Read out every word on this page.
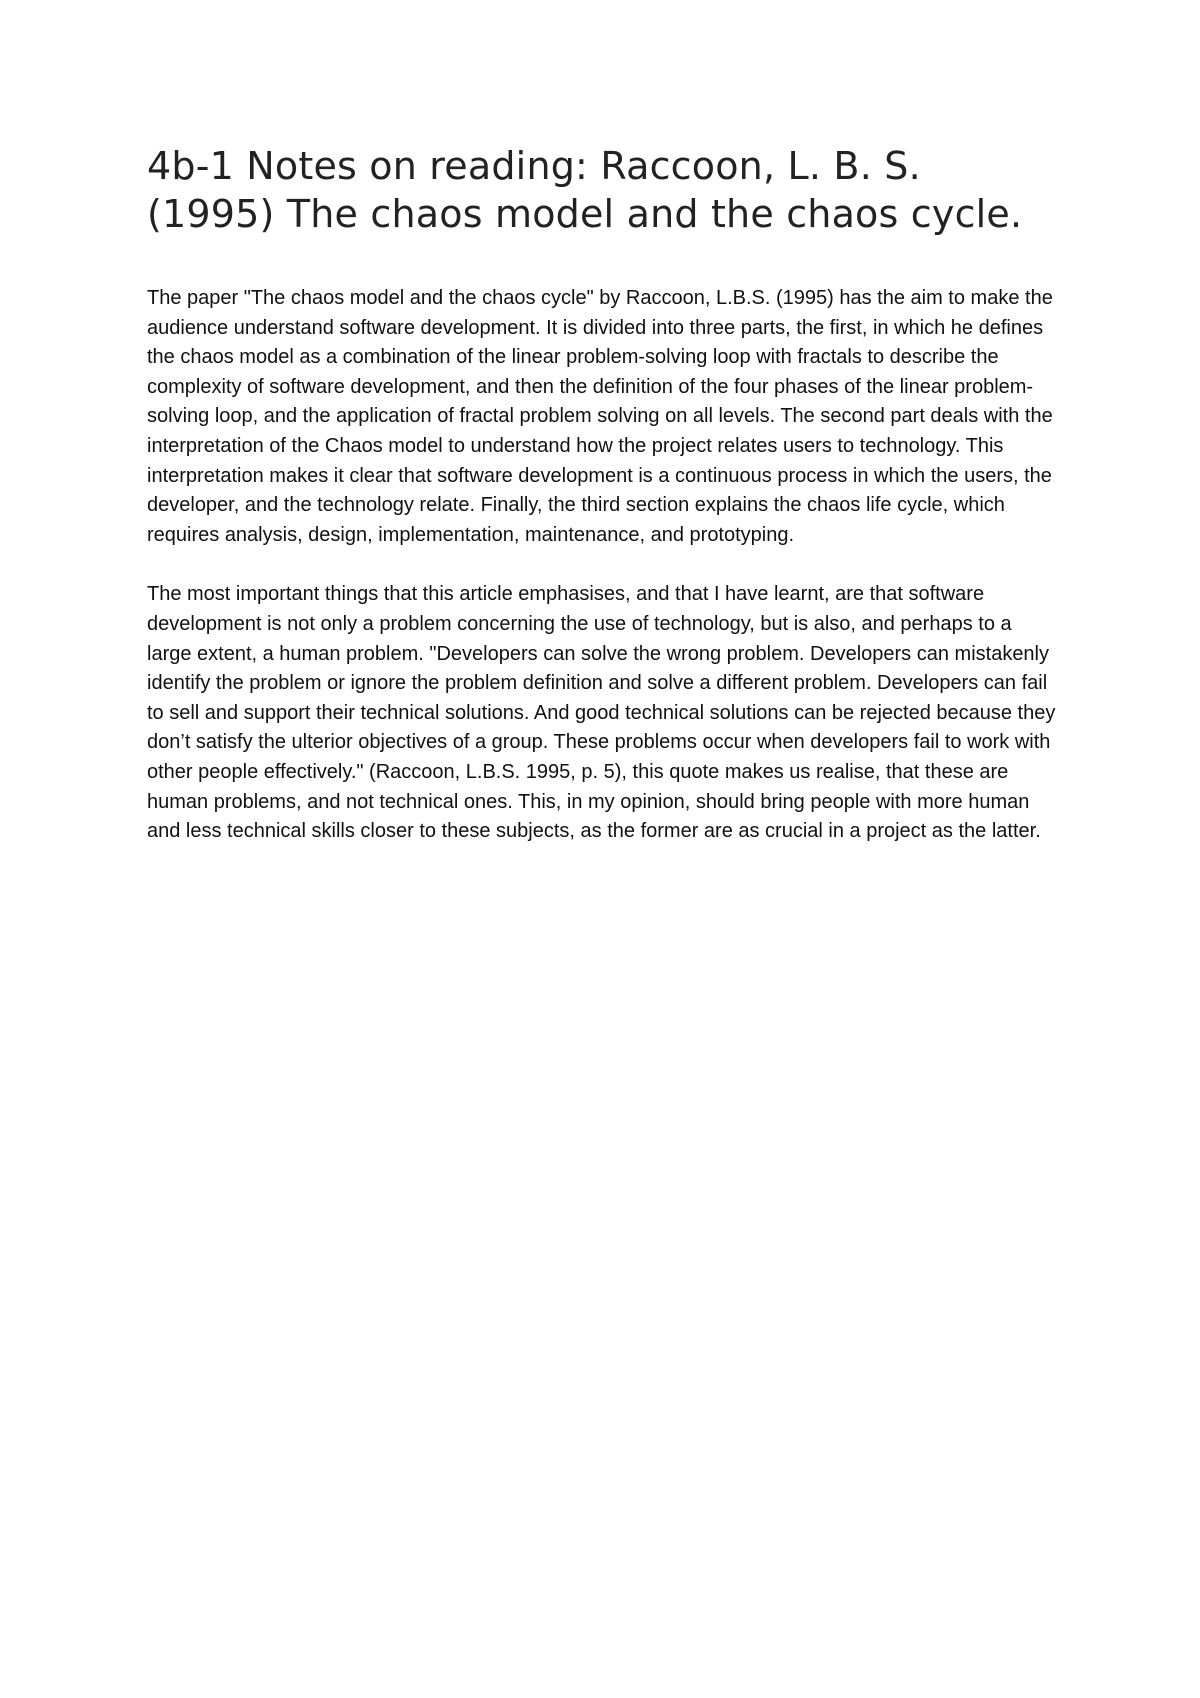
4b-1 Notes on reading: Raccoon, L. B. S. (1995) The chaos model and the chaos cycle.

The paper "The chaos model and the chaos cycle" by Raccoon, L.B.S. (1995) has the aim to make the audience understand software development. It is divided into three parts, the first, in which he defines the chaos model as a combination of the linear problem-solving loop with fractals to describe the complexity of software development, and then the definition of the four phases of the linear problem-solving loop, and the application of fractal problem solving on all levels. The second part deals with the interpretation of the Chaos model to understand how the project relates users to technology. This interpretation makes it clear that software development is a continuous process in which the users, the developer, and the technology relate. Finally, the third section explains the chaos life cycle, which requires analysis, design, implementation, maintenance, and prototyping.

The most important things that this article emphasises, and that I have learnt, are that software development is not only a problem concerning the use of technology, but is also, and perhaps to a large extent, a human problem. "Developers can solve the wrong problem. Developers can mistakenly identify the problem or ignore the problem definition and solve a different problem. Developers can fail to sell and support their technical solutions. And good technical solutions can be rejected because they don’t satisfy the ulterior objectives of a group. These problems occur when developers fail to work with other people effectively." (Raccoon, L.B.S. 1995, p. 5), this quote makes us realise, that these are human problems, and not technical ones. This, in my opinion, should bring people with more human and less technical skills closer to these subjects, as the former are as crucial in a project as the latter.
